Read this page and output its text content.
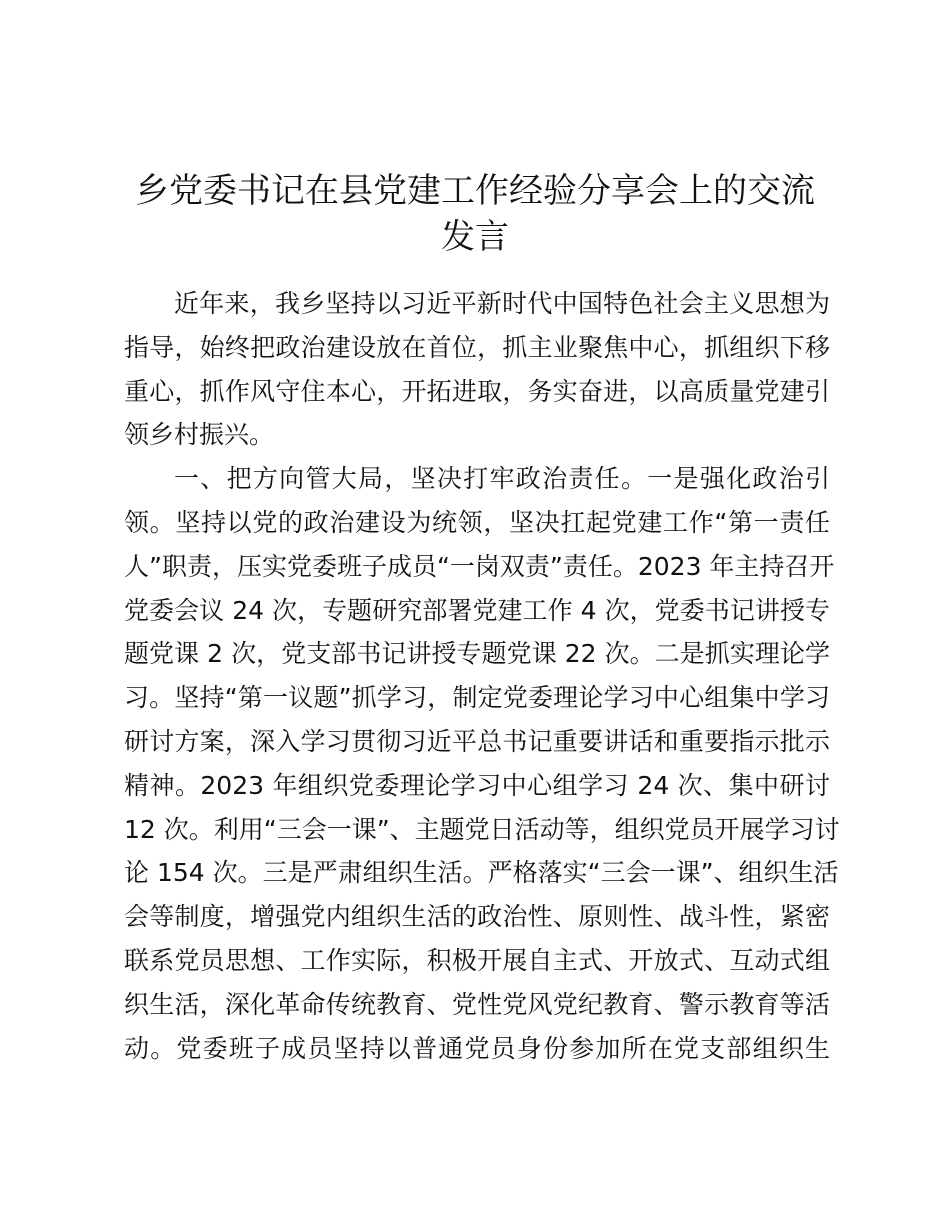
乡党委书记在县党建工作经验分享会上的交流
发言
近年来，我乡坚持以习近平新时代中国特色社会主义思想为
指导，始终把政治建设放在首位，抓主业聚焦中心，抓组织下移
重心，抓作风守住本心，开拓进取，务实奋进，以高质量党建引
领乡村振兴。
一、把方向管大局，坚决打牢政治责任。一是强化政治引
领。坚持以党的政治建设为统领，坚决扛起党建工作“第一责任
人”职责，压实党委班子成员“一岗双责”责任。2023 年主持召开
党委会议 24 次，专题研究部署党建工作 4 次，党委书记讲授专
题党课 2 次，党支部书记讲授专题党课 22 次。二是抓实理论学
习。坚持“第一议题”抓学习，制定党委理论学习中心组集中学习
研讨方案，深入学习贯彻习近平总书记重要讲话和重要指示批示
精神。2023 年组织党委理论学习中心组学习 24 次、集中研讨
12 次。利用“三会一课”、主题党日活动等，组织党员开展学习讨
论 154 次。三是严肃组织生活。严格落实“三会一课”、组织生活
会等制度，增强党内组织生活的政治性、原则性、战斗性，紧密
联系党员思想、工作实际，积极开展自主式、开放式、互动式组
织生活，深化革命传统教育、党性党风党纪教育、警示教育等活
动。党委班子成员坚持以普通党员身份参加所在党支部组织生
